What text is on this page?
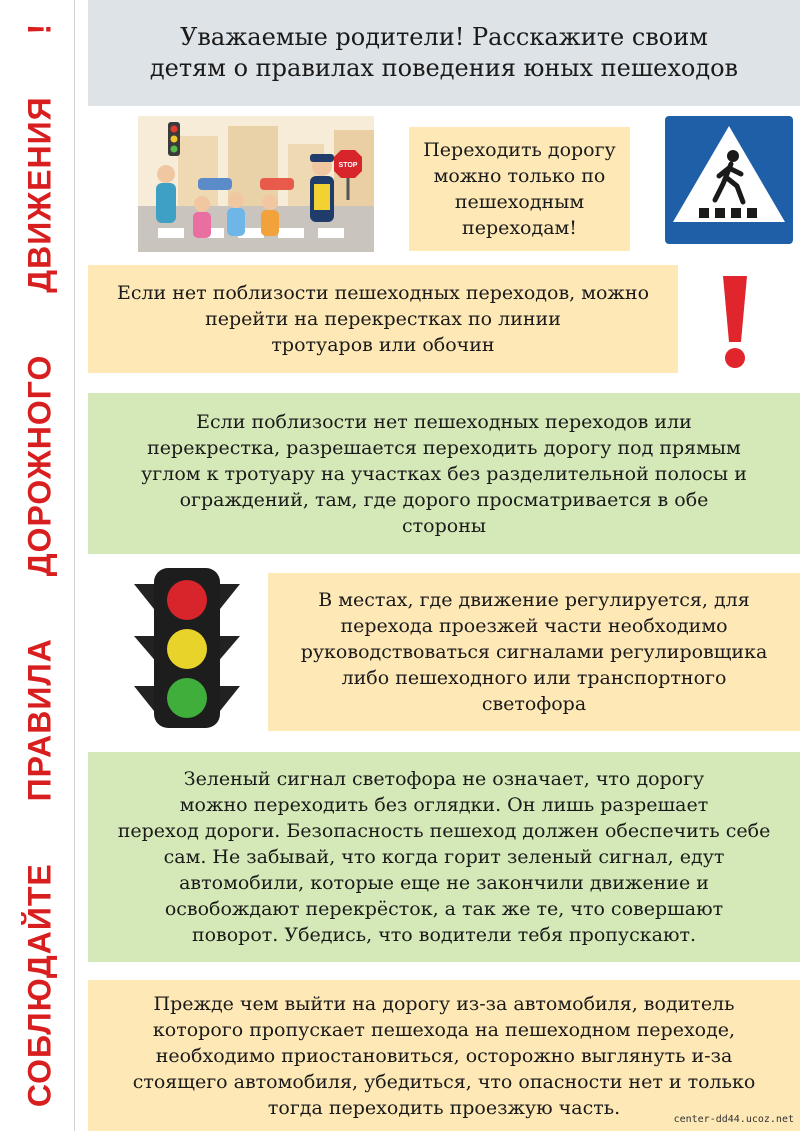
СОБЛЮДАЙТЕ ПРАВИЛА ДОРОЖНОГО ДВИЖЕНИЯ !	Уважаемые родители! Расскажите своим
детям о правилах поведения юных пешеходов
STOP
Переходить дорогу
можно только по
пешеходным
переходам!
Если нет поблизости пешеходных переходов, можно
перейти на перекрестках по линии
тротуаров или обочин
Если поблизости нет пешеходных переходов или
перекрестка, разрешается переходить дорогу под прямым
углом к тротуару на участках без разделительной полосы и
ограждений, там, где дорого просматривается в обе
стороны
В местах, где движение регулируется, для
перехода проезжей части необходимо
руководствоваться сигналами регулировщика
либо пешеходного или транспортного
светофора
Зеленый сигнал светофора не означает, что дорогу
можно переходить без оглядки. Он лишь разрешает
переход дороги. Безопасность пешеход должен обеспечить себе
сам. Не забывай, что когда горит зеленый сигнал, едут
автомобили, которые еще не закончили движение и
освобождают перекрёсток, а так же те, что совершают
поворот. Убедись, что водители тебя пропускают.
Прежде чем выйти на дорогу из-за автомобиля, водитель
которого пропускает пешехода на пешеходном переходе,
необходимо приостановиться, осторожно выглянуть и-за
стоящего автомобиля, убедиться, что опасности нет и только
тогда переходить проезжую часть.
center-dd44.ucoz.net
